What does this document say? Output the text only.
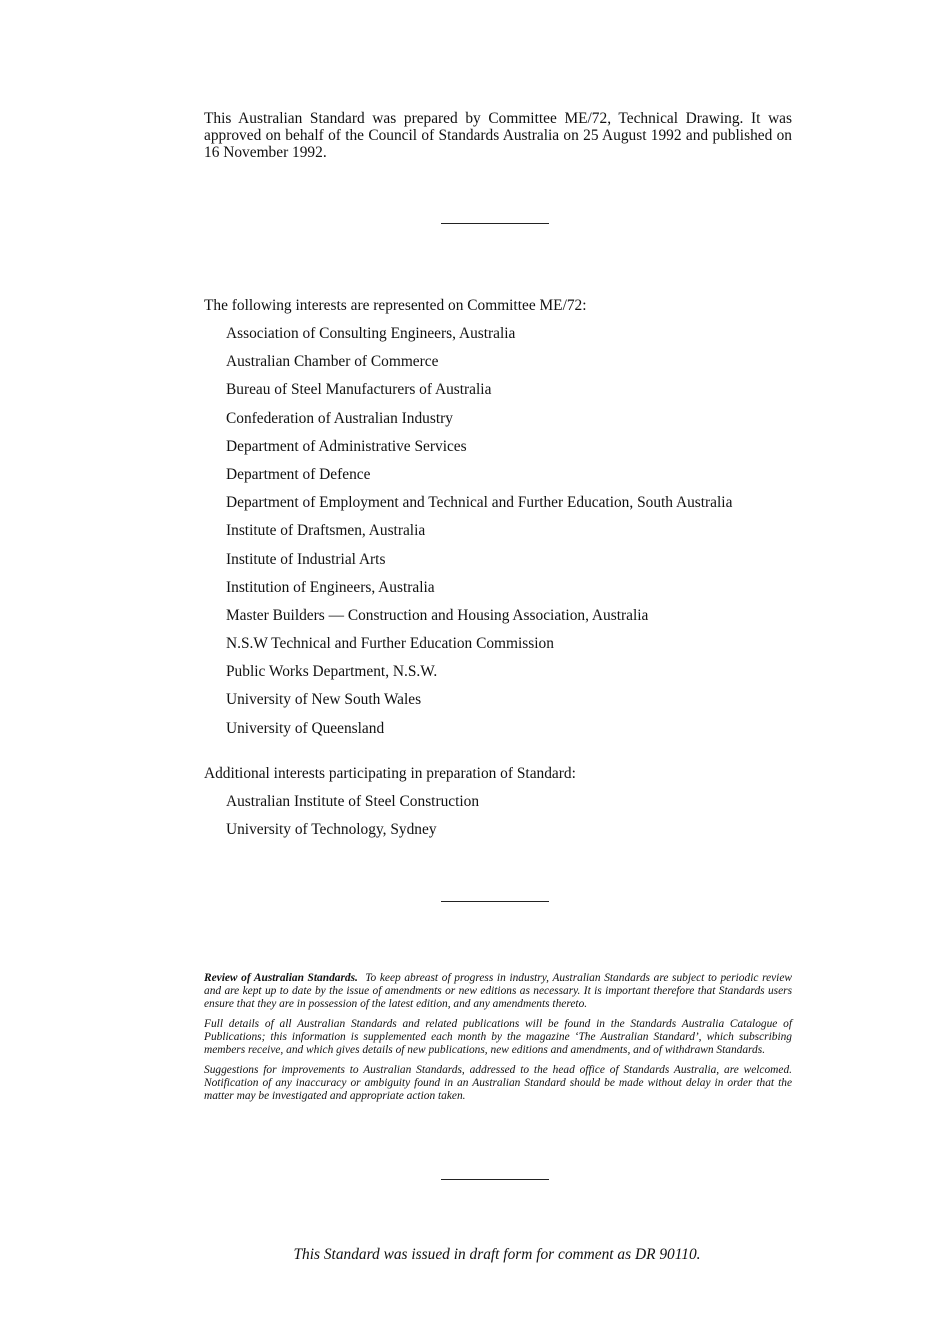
This Australian Standard was prepared by Committee ME/72, Technical Drawing. It was approved on behalf of the Council of Standards Australia on 25 August 1992 and published on 16 November 1992.

The following interests are represented on Committee ME/72:

Association of Consulting Engineers, Australia
Australian Chamber of Commerce
Bureau of Steel Manufacturers of Australia
Confederation of Australian Industry
Department of Administrative Services
Department of Defence
Department of Employment and Technical and Further Education, South Australia
Institute of Draftsmen, Australia
Institute of Industrial Arts
Institution of Engineers, Australia
Master Builders — Construction and Housing Association, Australia
N.S.W Technical and Further Education Commission
Public Works Department, N.S.W.
University of New South Wales
University of Queensland

Additional interests participating in preparation of Standard:

Australian Institute of Steel Construction
University of Technology, Sydney

Review of Australian Standards. To keep abreast of progress in industry, Australian Standards are subject to periodic review and are kept up to date by the issue of amendments or new editions as necessary. It is important therefore that Standards users ensure that they are in possession of the latest edition, and any amendments thereto.

Full details of all Australian Standards and related publications will be found in the Standards Australia Catalogue of Publications; this information is supplemented each month by the magazine ‘The Australian Standard’, which subscribing members receive, and which gives details of new publications, new editions and amendments, and of withdrawn Standards.

Suggestions for improvements to Australian Standards, addressed to the head office of Standards Australia, are welcomed. Notification of any inaccuracy or ambiguity found in an Australian Standard should be made without delay in order that the matter may be investigated and appropriate action taken.

This Standard was issued in draft form for comment as DR 90110.
